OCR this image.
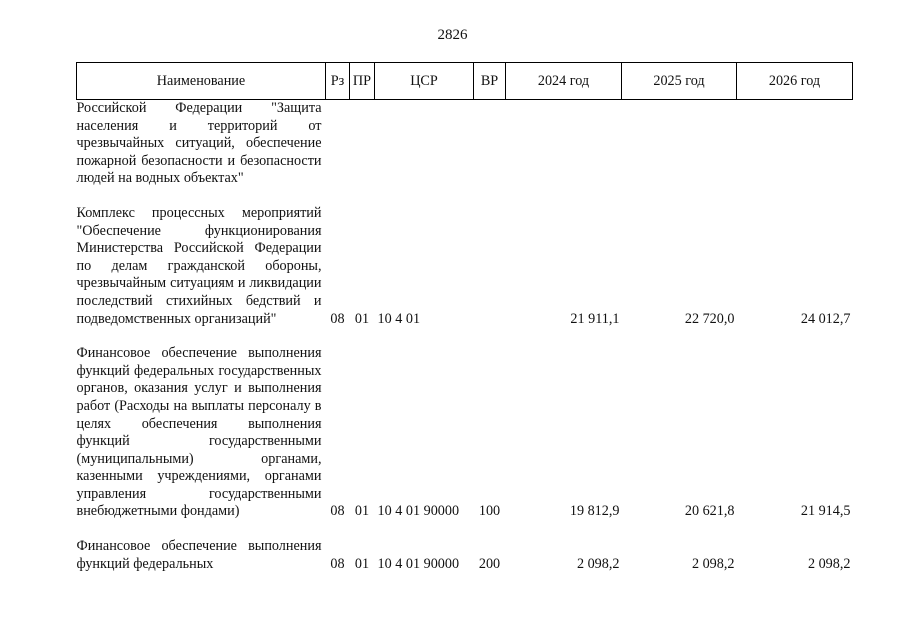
2826
Наименование	Рз	ПР	ЦСР	ВР	2024 год	2025 год	2026 год
Российской Федерации "Защита населения и территорий от чрезвычайных ситуаций, обеспечение пожарной безопасности и безопасности людей на водных объектах"							

Комплекс процессных мероприятий "Обеспечение функционирования Министерства Российской Федерации по делам гражданской обороны, чрезвычайным ситуациям и ликвидации последствий стихийных бедствий и подведомственных организаций"	08	01	10 4 01		21 911,1	22 720,0	24 012,7

Финансовое обеспечение выполнения функций федеральных государственных органов, оказания услуг и выполнения работ (Расходы на выплаты персоналу в целях обеспечения выполнения функций государственными (муниципальными) органами, казенными учреждениями, органами управления государственными внебюджетными фондами)	08	01	10 4 01 90000	100	19 812,9	20 621,8	21 914,5

Финансовое обеспечение выполнения функций федеральных	08	01	10 4 01 90000	200	2 098,2	2 098,2	2 098,2
